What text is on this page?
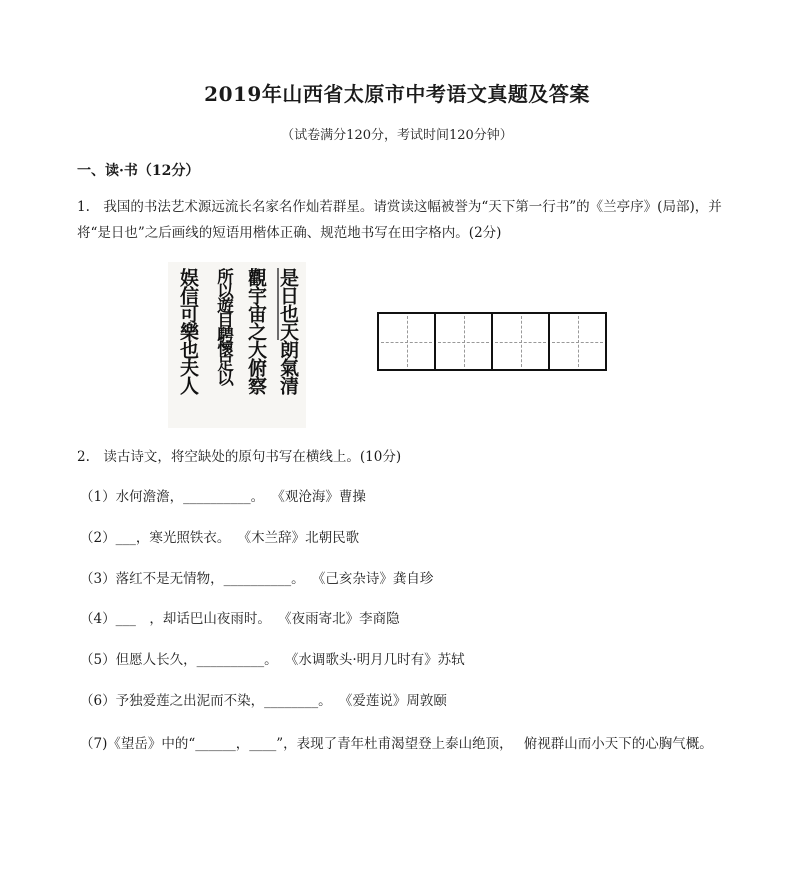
2019年山西省太原市中考语文真题及答案
（试卷满分120分，考试时间120分钟）
一、读·书（12分）
1.　我国的书法艺术源远流长名家名作灿若群星。请赏读这幅被誉为“天下第一行书”的《兰亭序》(局部)，并将“是日也”之后画线的短语用楷体正确、规范地书写在田字格内。(2分)
是日也天朗氣清
觀宇宙之大俯察
所以遊目騁懷足以
娱信可樂也夫人
2.　读古诗文，将空缺处的原句书写在横线上。(10分)
（1）水何澹澹，__________。 《观沧海》曹操
（2）___，寒光照铁衣。 《木兰辞》北朝民歌
（3）落红不是无情物，__________。 《己亥杂诗》龚自珍
（4）___　，却话巴山夜雨时。 《夜雨寄北》李商隐
（5）但愿人长久，__________。 《水调歌头·明月几时有》苏轼
（6）予独爱莲之出泥而不染，________。 《爱莲说》周敦颐
（7)《望岳》中的“______，____”，表现了青年杜甫渴望登上泰山绝顶，　 俯视群山而小天下的心胸气概。
